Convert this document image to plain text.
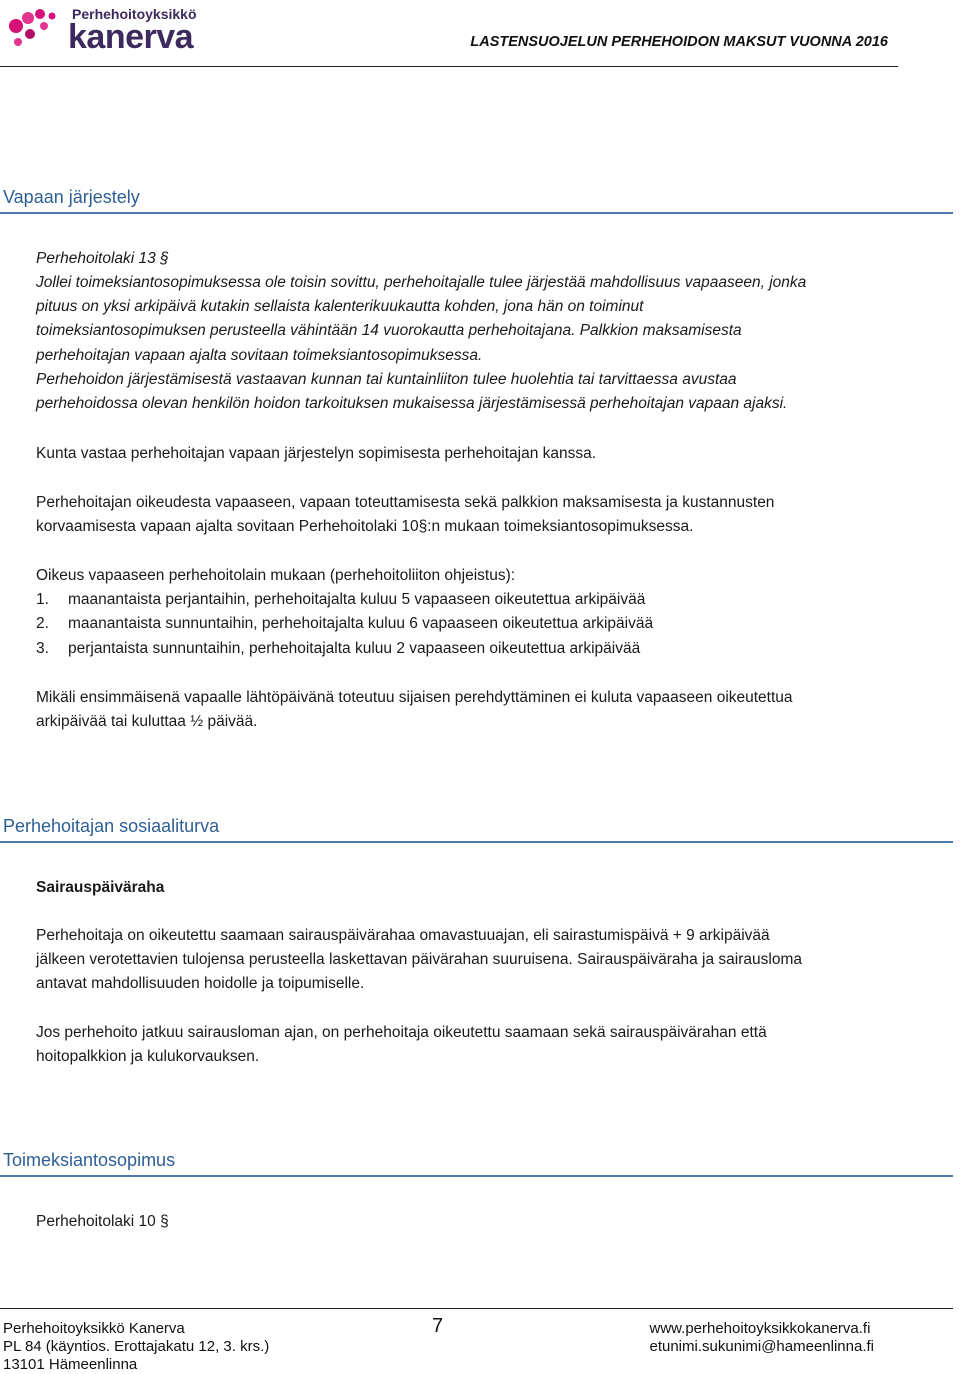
Perhehoitoyksikkö
kanerva	LASTENSUOJELUN PERHEHOIDON MAKSUT VUONNA 2016
Vapaan järjestely
Perhehoitolaki 13 §
Jollei toimeksiantosopimuksessa ole toisin sovittu, perhehoitajalle tulee järjestää mahdollisuus vapaaseen, jonka
pituus on yksi arkipäivä kutakin sellaista kalenterikuukautta kohden, jona hän on toiminut
toimeksiantosopimuksen perusteella vähintään 14 vuorokautta perhehoitajana. Palkkion maksamisesta
perhehoitajan vapaan ajalta sovitaan toimeksiantosopimuksessa.
Perhehoidon järjestämisestä vastaavan kunnan tai kuntainliiton tulee huolehtia tai tarvittaessa avustaa
perhehoidossa olevan henkilön hoidon tarkoituksen mukaisessa järjestämisessä perhehoitajan vapaan ajaksi.
Kunta vastaa perhehoitajan vapaan järjestelyn sopimisesta perhehoitajan kanssa.
Perhehoitajan oikeudesta vapaaseen, vapaan toteuttamisesta sekä palkkion maksamisesta ja kustannusten
korvaamisesta vapaan ajalta sovitaan Perhehoitolaki 10§:n mukaan toimeksiantosopimuksessa.
Oikeus vapaaseen perhehoitolain mukaan (perhehoitoliiton ohjeistus):
1. maanantaista perjantaihin, perhehoitajalta kuluu 5 vapaaseen oikeutettua arkipäivää
2. maanantaista sunnuntaihin, perhehoitajalta kuluu 6 vapaaseen oikeutettua arkipäivää
3. perjantaista sunnuntaihin, perhehoitajalta kuluu 2 vapaaseen oikeutettua arkipäivää
Mikäli ensimmäisenä vapaalle lähtöpäivänä toteutuu sijaisen perehdyttäminen ei kuluta vapaaseen oikeutettua
arkipäivää tai kuluttaa ½ päivää.
Perhehoitajan sosiaaliturva
Sairauspäiväraha
Perhehoitaja on oikeutettu saamaan sairauspäivärahaa omavastuuajan, eli sairastumispäivä + 9 arkipäivää
jälkeen verotettavien tulojensa perusteella laskettavan päivärahan suuruisena. Sairauspäiväraha ja sairausloma
antavat mahdollisuuden hoidolle ja toipumiselle.
Jos perhehoito jatkuu sairausloman ajan, on perhehoitaja oikeutettu saamaan sekä sairauspäivärahan että
hoitopalkkion ja kulukorvauksen.
Toimeksiantosopimus
Perhehoitolaki 10 §
Perhehoitoyksikkö Kanerva
PL 84 (käyntios. Erottajakatu 12, 3. krs.)
13101 Hämeenlinna
7	www.perhehoitoyksikkokanerva.fi
etunimi.sukunimi@hameenlinna.fi
